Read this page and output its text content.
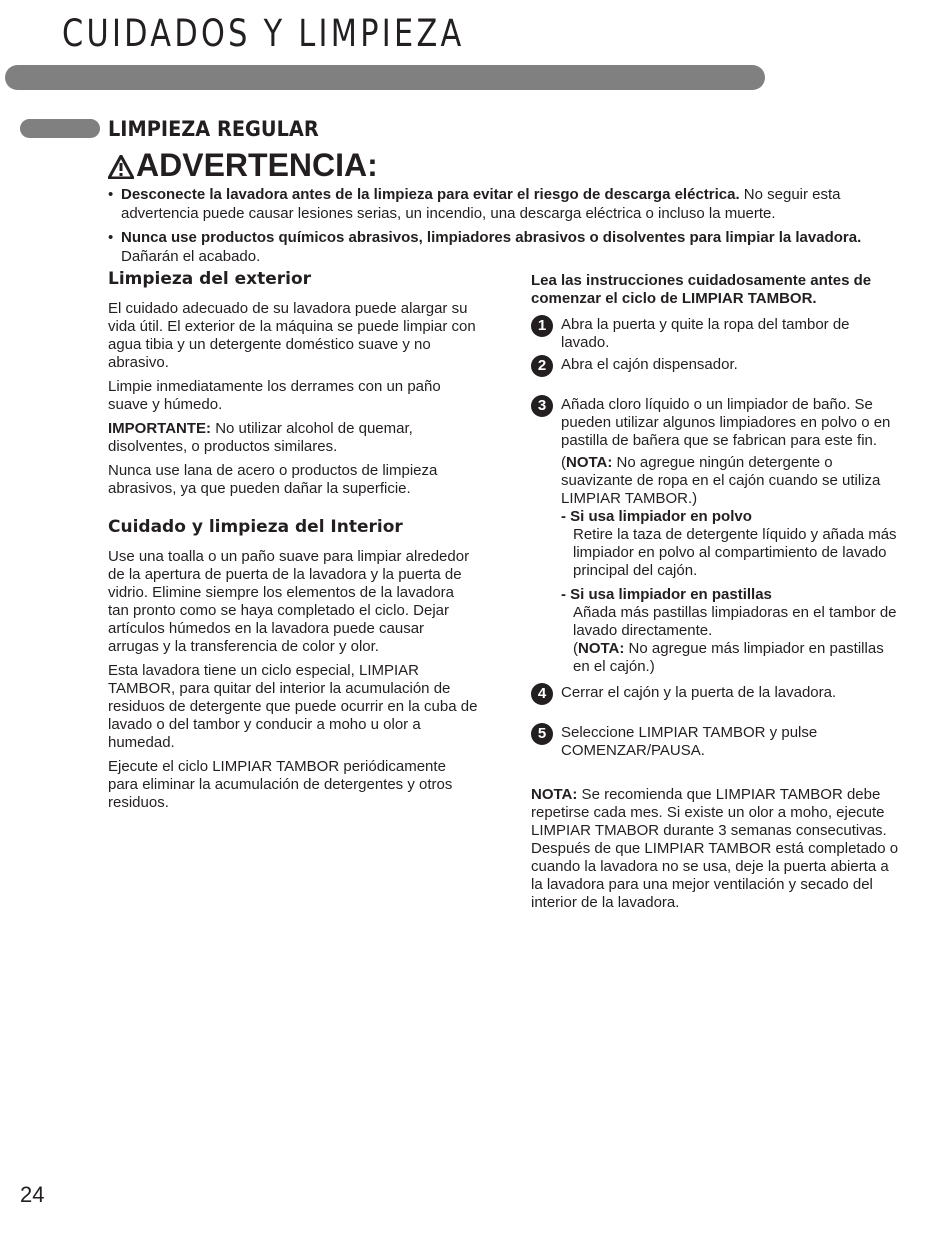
CUIDADOS Y LIMPIEZA
LIMPIEZA REGULAR
ADVERTENCIA:
• Desconecte la lavadora antes de la limpieza para evitar el riesgo de descarga eléctrica. No seguir esta advertencia puede causar lesiones serias, un incendio, una descarga eléctrica o incluso la muerte.
• Nunca use productos químicos abrasivos, limpiadores abrasivos o disolventes para limpiar la lavadora. Dañarán el acabado.
Limpieza del exterior

El cuidado adecuado de su lavadora puede alargar su vida útil. El exterior de la máquina se puede limpiar con agua tibia y un detergente doméstico suave y no abrasivo.

Limpie inmediatamente los derrames con un paño suave y húmedo.

IMPORTANTE: No utilizar alcohol de quemar, disolventes, o productos similares.

Nunca use lana de acero o productos de limpieza abrasivos, ya que pueden dañar la superficie.

Cuidado y limpieza del Interior

Use una toalla o un paño suave para limpiar alrededor de la apertura de puerta de la lavadora y la puerta de vidrio. Elimine siempre los elementos de la lavadora tan pronto como se haya completado el ciclo. Dejar artículos húmedos en la lavadora puede causar arrugas y la transferencia de color y olor.

Esta lavadora tiene un ciclo especial, LIMPIAR TAMBOR, para quitar del interior la acumulación de residuos de detergente que puede ocurrir en la cuba de lavado o del tambor y conducir a moho u olor a humedad.

Ejecute el ciclo LIMPIAR TAMBOR periódicamente para eliminar la acumulación de detergentes y otros residuos.

Lea las instrucciones cuidadosamente antes de comenzar el ciclo de LIMPIAR TAMBOR.

1 Abra la puerta y quite la ropa del tambor de lavado.
2 Abra el cajón dispensador.
3 Añada cloro líquido o un limpiador de baño. Se pueden utilizar algunos limpiadores en polvo o en pastilla de bañera que se fabrican para este fin.

(NOTA: No agregue ningún detergente o suavizante de ropa en el cajón cuando se utiliza LIMPIAR TAMBOR.)

- Si usa limpiador en polvo
Retire la taza de detergente líquido y añada más limpiador en polvo al compartimiento de lavado principal del cajón.
- Si usa limpiador en pastillas
Añada más pastillas limpiadoras en el tambor de lavado directamente.
(NOTA: No agregue más limpiador en pastillas en el cajón.)
4 Cerrar el cajón y la puerta de la lavadora.
5 Seleccione LIMPIAR TAMBOR y pulse COMENZAR/PAUSA.

NOTA: Se recomienda que LIMPIAR TAMBOR debe repetirse cada mes. Si existe un olor a moho, ejecute LIMPIAR TMABOR durante 3 semanas consecutivas. Después de que LIMPIAR TAMBOR está completado o cuando la lavadora no se usa, deje la puerta abierta a la lavadora para una mejor ventilación y secado del interior de la lavadora.

24
